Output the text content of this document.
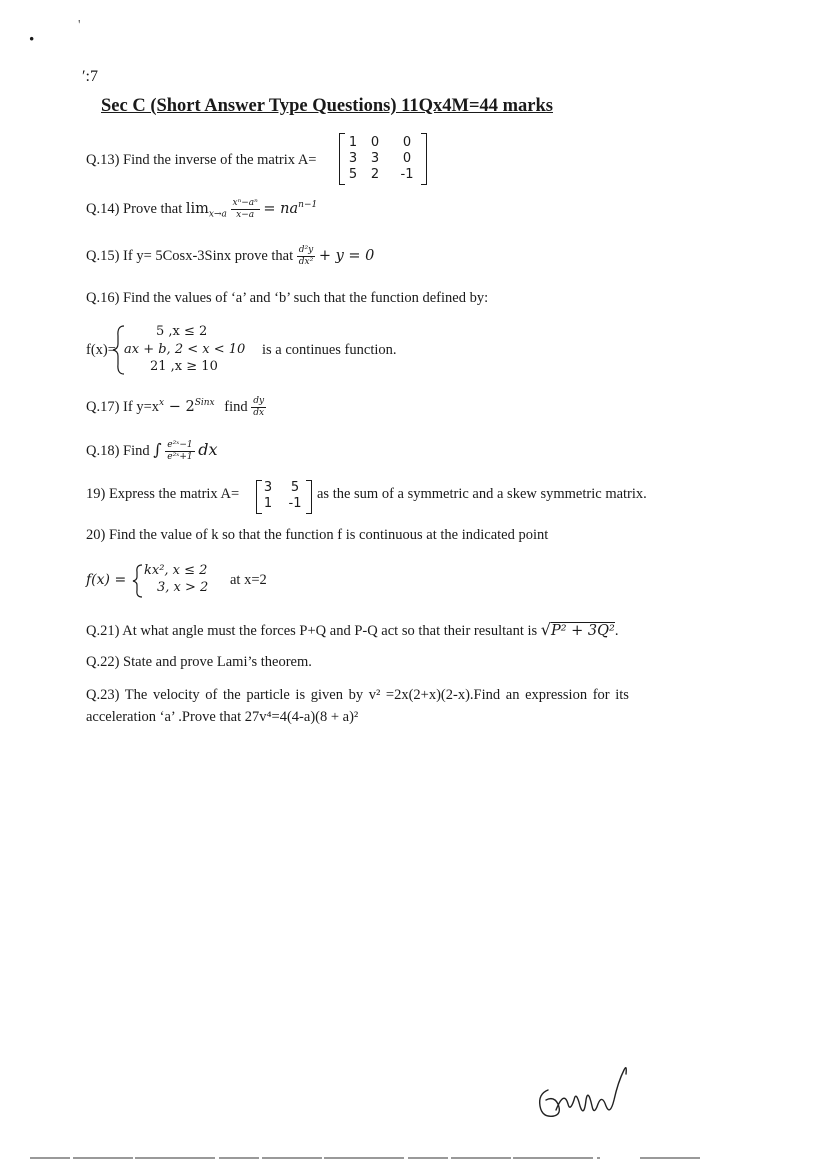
·
'
′:7
Sec C (Short Answer Type Questions) 11Qx4M=44 marks
Q.13) Find the inverse of the matrix A=
1 0	0
3 3	0
5 2	-1
Q.14) Prove that $\lim_{x\to a} \frac{\text{xⁿ−aⁿ}}{x-a} = na^{n-1}$
Q.15) If y= 5Cosx-3Sinx prove that $\frac{\text{d²y}}{\text{dx²}} + y = 0$
Q.16) Find the values of ‘a’ and ‘b’ such that the function defined by:
f(x)=
5 ,x ≤ 2
ax + b, 2 < x < 10
21 ,x ≥ 10
is a continues function.
Q.17) If $y=x^x - 2^{Sinx}$ find $\frac{dy}{dx}$
Q.18) Find ∫ $\frac{\text{e²ˣ−1}}{\text{e²ˣ+1}}$ dx
19) Express the matrix A= 3	5
1	-1
as the sum of a symmetric and a skew symmetric matrix.
20) Find the value of k so that the function f is continuous at the indicated point
f(x) =
kx², x ≤ 2
3, x > 2 at x=2
Q.21) At what angle must the forces P+Q and P-Q act so that their resultant is √P² + 3Q².
Q.22) State and prove Lami’s theorem.
Q.23) The velocity of the particle is given by v² =2x(2+x)(2-x).Find an expression for its
acceleration ‘a’ .Prove that 27v⁴=4(4-a)(8 + a)²
